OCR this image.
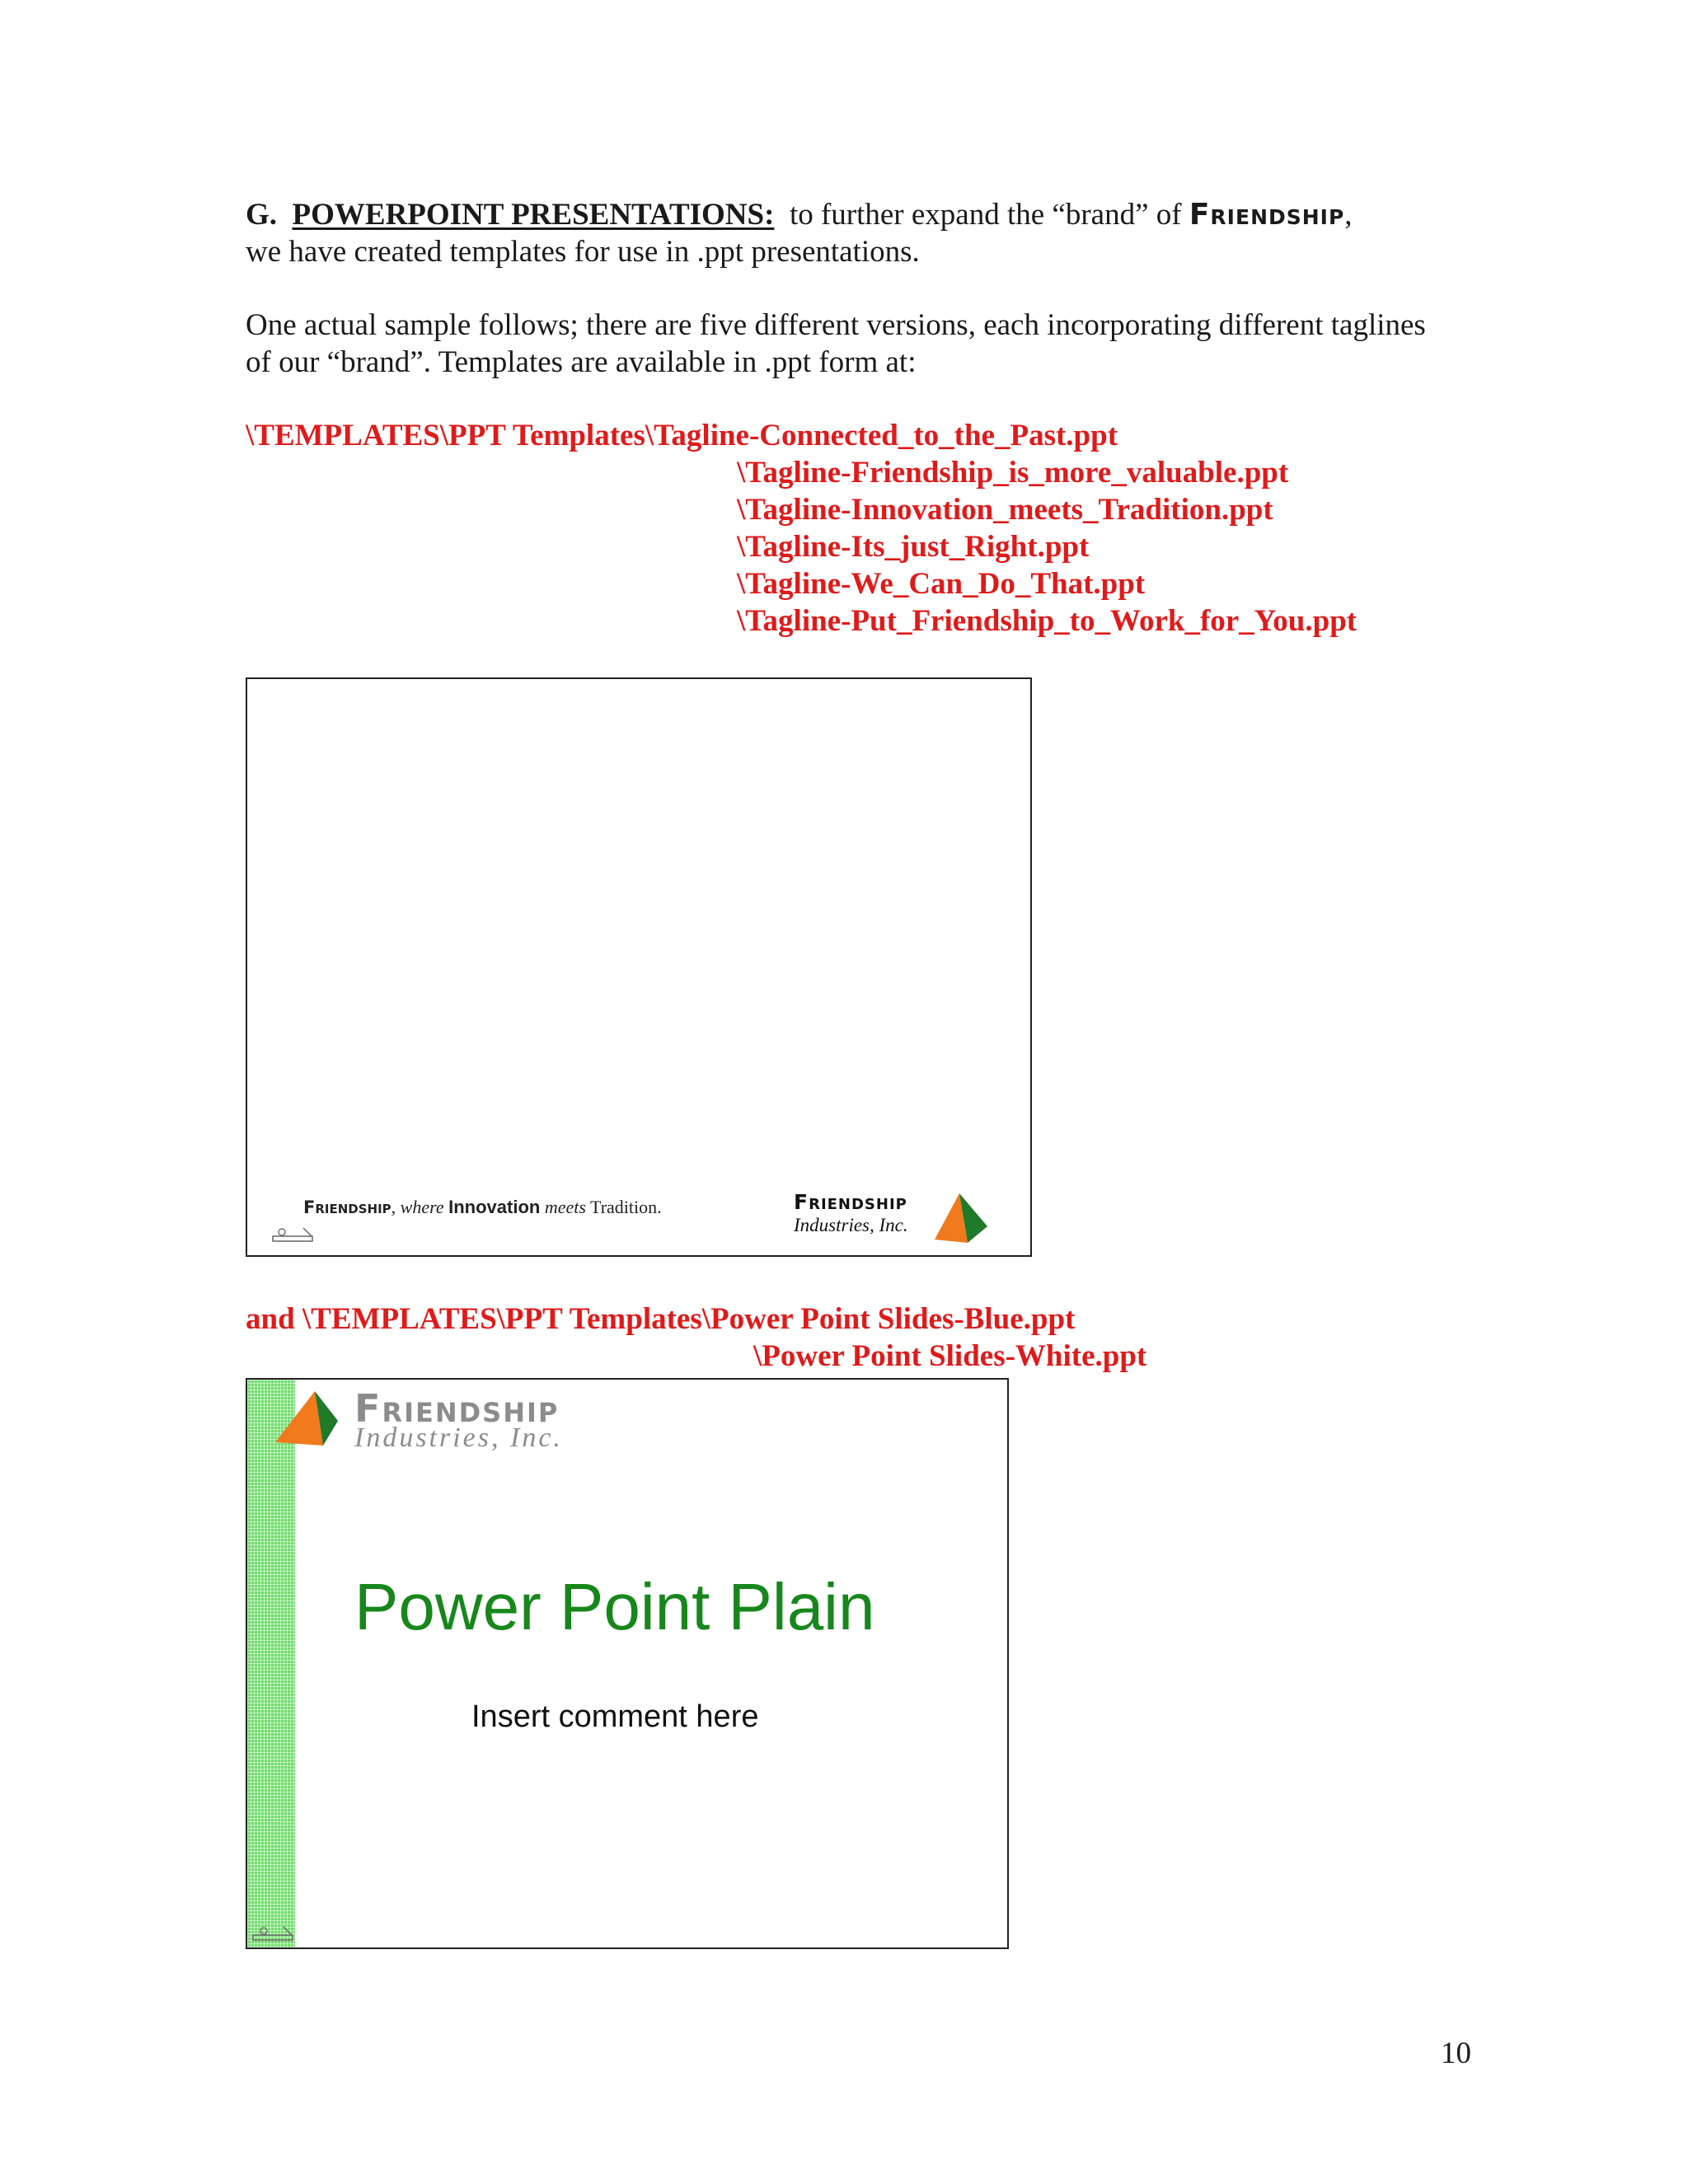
G. POWERPOINT PRESENTATIONS: to further expand the “brand” of Friendship,
we have created templates for use in .ppt presentations.
One actual sample follows; there are five different versions, each incorporating different taglines
of our “brand”. Templates are available in .ppt form at:
\TEMPLATES\PPT Templates\Tagline-Connected_to_the_Past.ppt
\Tagline-Friendship_is_more_valuable.ppt
\Tagline-Innovation_meets_Tradition.ppt
\Tagline-Its_just_Right.ppt
\Tagline-We_Can_Do_That.ppt
\Tagline-Put_Friendship_to_Work_for_You.ppt
Friendship, where Innovation meets Tradition.	Friendship
Industries, Inc.
and \TEMPLATES\PPT Templates\Power Point Slides-Blue.ppt
\Power Point Slides-White.ppt
Friendship
Industries, Inc.
Power Point Plain
Insert comment here
10
